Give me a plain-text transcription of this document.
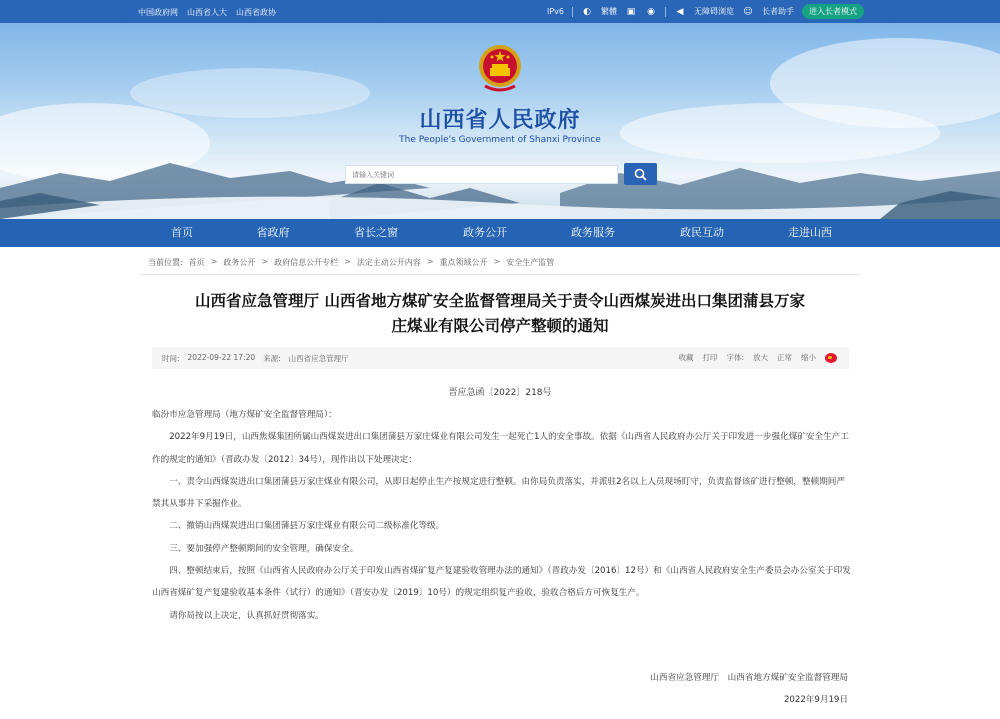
中国政府网 山西省人大 山西省政协	IPv6 ◐ 繁體 ▣ ◉ ◀	无障碍浏览 ☺ 长者助手	进入长者模式
山西省人民政府
The People's Government of Shanxi Province
请输入关键词
首页	省政府	省长之窗	政务公开	政务服务	政民互动	走进山西
当前位置: 首页 > 政务公开 > 政府信息公开专栏 > 法定主动公开内容 > 重点领域公开 > 安全生产监管
山西省应急管理厅 山西省地方煤矿安全监督管理局关于责令山西煤炭进出口集团蒲县万家
庄煤业有限公司停产整顿的通知
时间: 2022-09-22 17:20 来源: 山西省应急管理厅	收藏 打印 字体: 放大 正常 缩小
晋应急函〔2022〕218号

临汾市应急管理局（地方煤矿安全监督管理局）：

2022年9月19日，山西焦煤集团所属山西煤炭进出口集团蒲县万家庄煤业有限公司发生一起死亡1人的安全事故。依据《山西省人民政府办公厅关于印发进一步强化煤矿安全生产工作的规定的通知》（晋政办发〔2012〕34号），现作出以下处理决定：

一、责令山西煤炭进出口集团蒲县万家庄煤业有限公司，从即日起停止生产按规定进行整顿。由你局负责落实，并派驻2名以上人员现场盯守，负责监督该矿进行整顿，整顿期间严禁其从事井下采掘作业。

二、撤销山西煤炭进出口集团蒲县万家庄煤业有限公司二级标准化等级。

三、要加强停产整顿期间的安全管理，确保安全。

四、整顿结束后，按照《山西省人民政府办公厅关于印发山西省煤矿复产复建验收管理办法的通知》（晋政办发〔2016〕12号）和《山西省人民政府安全生产委员会办公室关于印发山西省煤矿复产复建验收基本条件（试行）的通知》（晋安办发〔2019〕10号）的规定组织复产验收，验收合格后方可恢复生产。

请你局按以上决定，认真抓好贯彻落实。

山西省应急管理厅　山西省地方煤矿安全监督管理局
2022年9月19日
